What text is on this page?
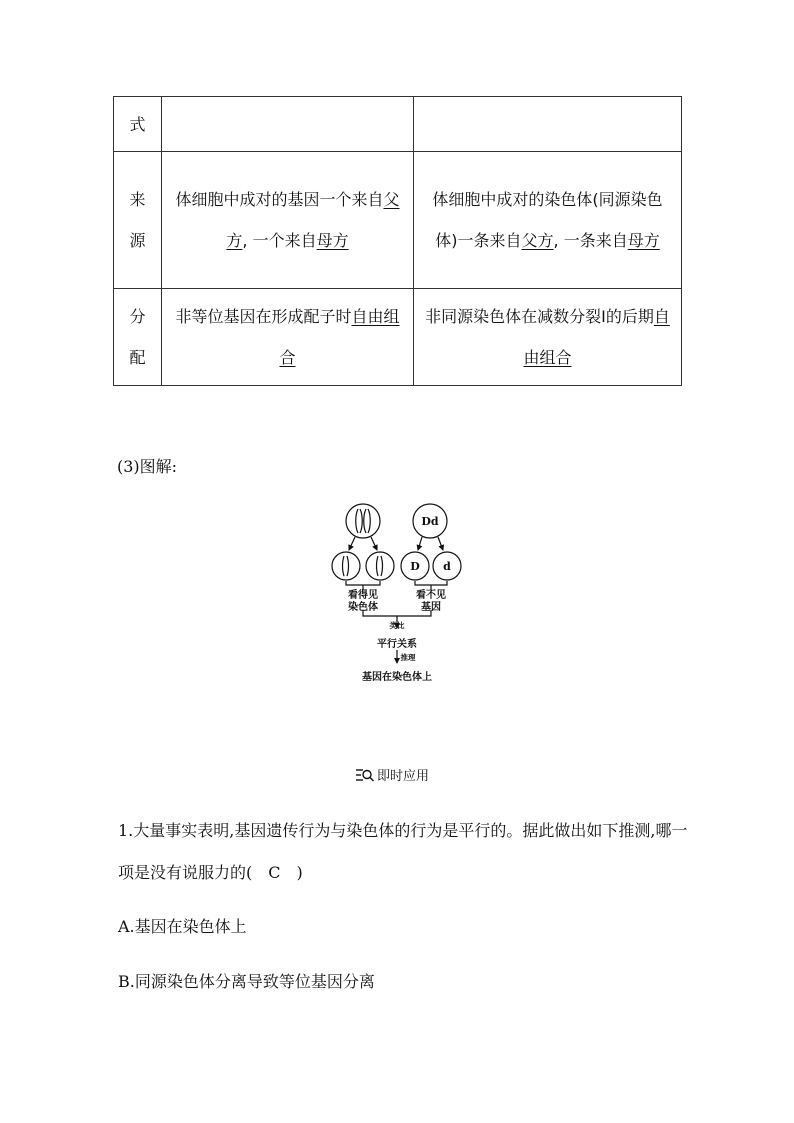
式		

来源	体细胞中成对的基因一个来自父方, 一个来自母方	体细胞中成对的染色体(同源染色体)一条来自父方, 一条来自母方

分配	非等位基因在形成配子时自由组合	非同源染色体在减数分裂Ⅰ的后期自由组合
(3)图解:
Dd
D d
看得见	看不见
染色体	基因
类比
平行关系
推理
基因在染色体上
即时应用
1.大量事实表明,基因遗传行为与染色体的行为是平行的。据此做出如下推测,哪一项是没有说服力的(　C　)
A.基因在染色体上
B.同源染色体分离导致等位基因分离
